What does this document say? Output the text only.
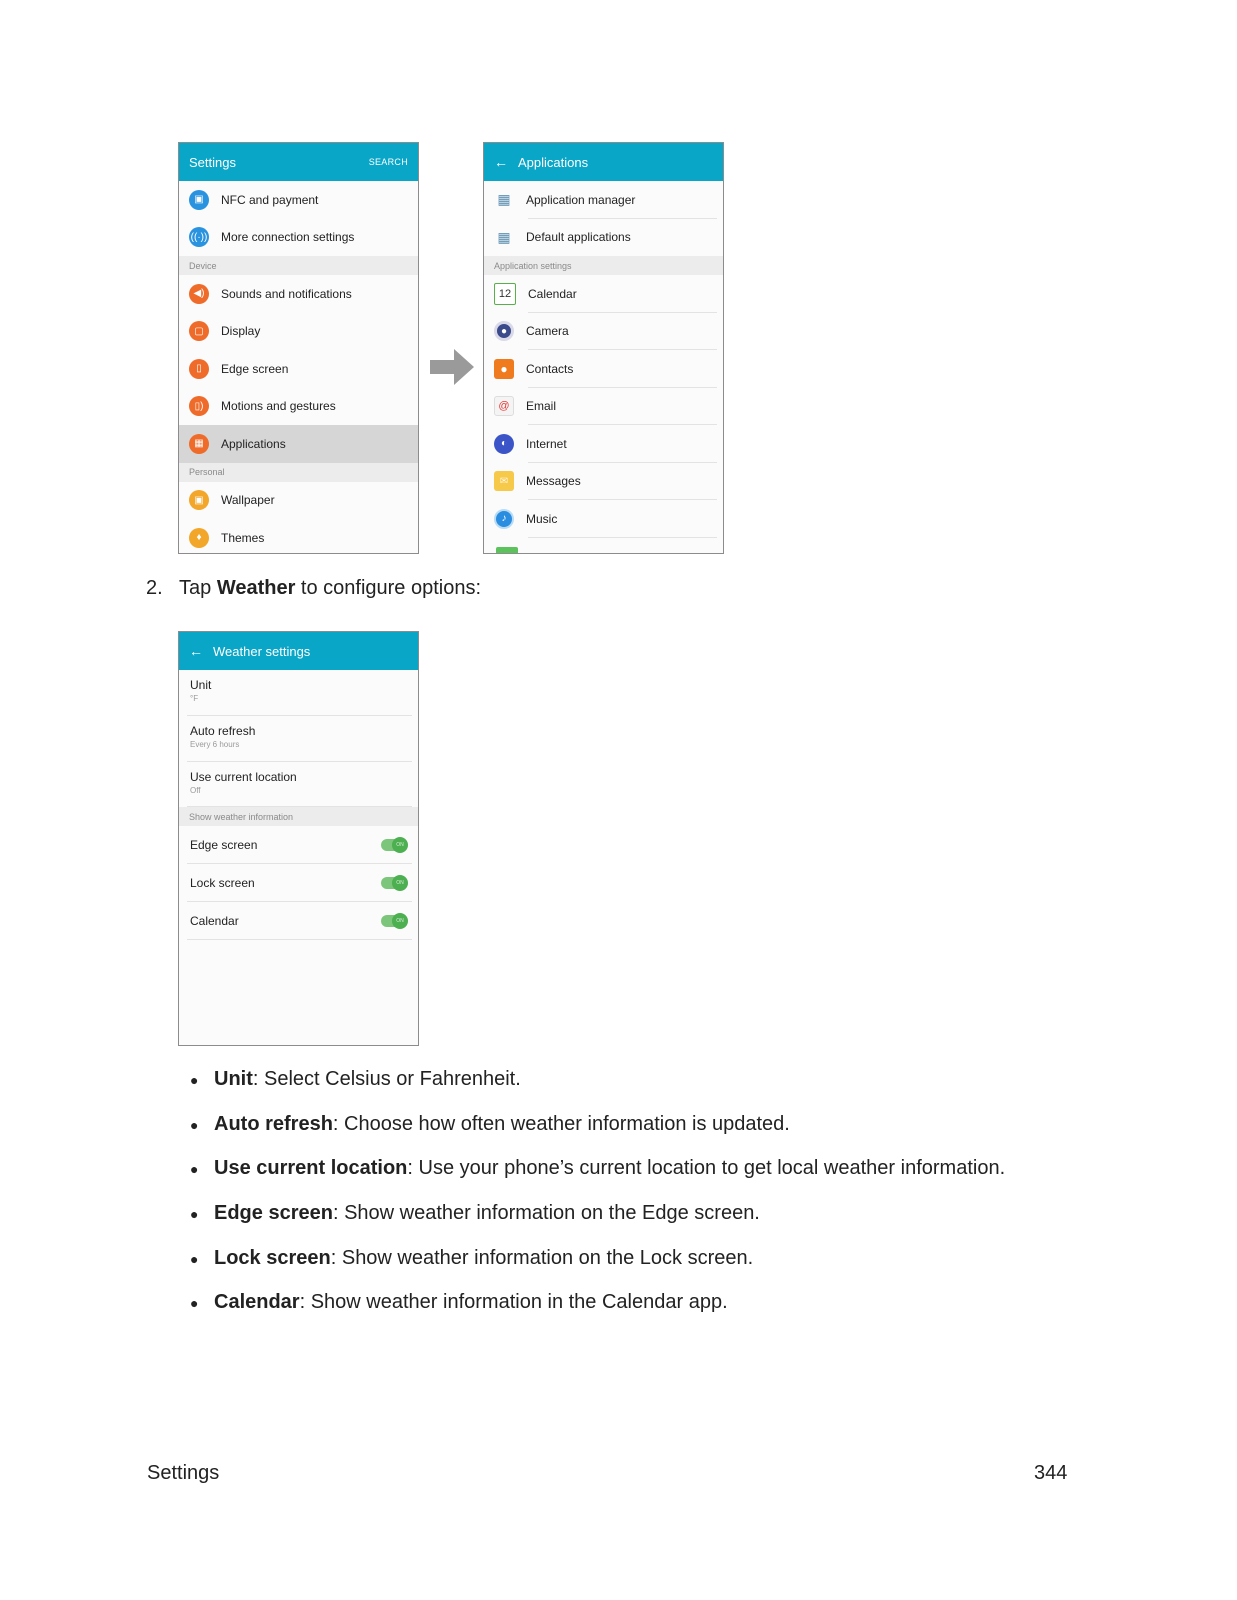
Settings	SEARCH
▣	NFC and payment
((·)) More connection settings
Device
◀)	Sounds and notifications
▢	Display
▯	Edge screen
▯)	Motions and gestures
▦	Applications
Personal
▣	Wallpaper
♦	Themes
← Applications
▦ Application manager
▦ Default applications
Application settings
12	Calendar
●	Camera
●	Contacts
@	Email
◐	Internet
✉	Messages
♪	Music
2. Tap Weather to configure options:
← Weather settings
Unit
°F
Auto refresh
Every 6 hours
Use current location
Off
Show weather information
Edge screen	ON
Lock screen	ON
Calendar	ON
● Unit : Select Celsius or Fahrenheit.
● Auto refresh : Choose how often weather information is updated.
● Use current location : Use your phone’s current location to get local weather information.
● Edge screen : Show weather information on the Edge screen.
● Lock screen : Show weather information on the Lock screen.
● Calendar : Show weather information in the Calendar app.
Settings	344
